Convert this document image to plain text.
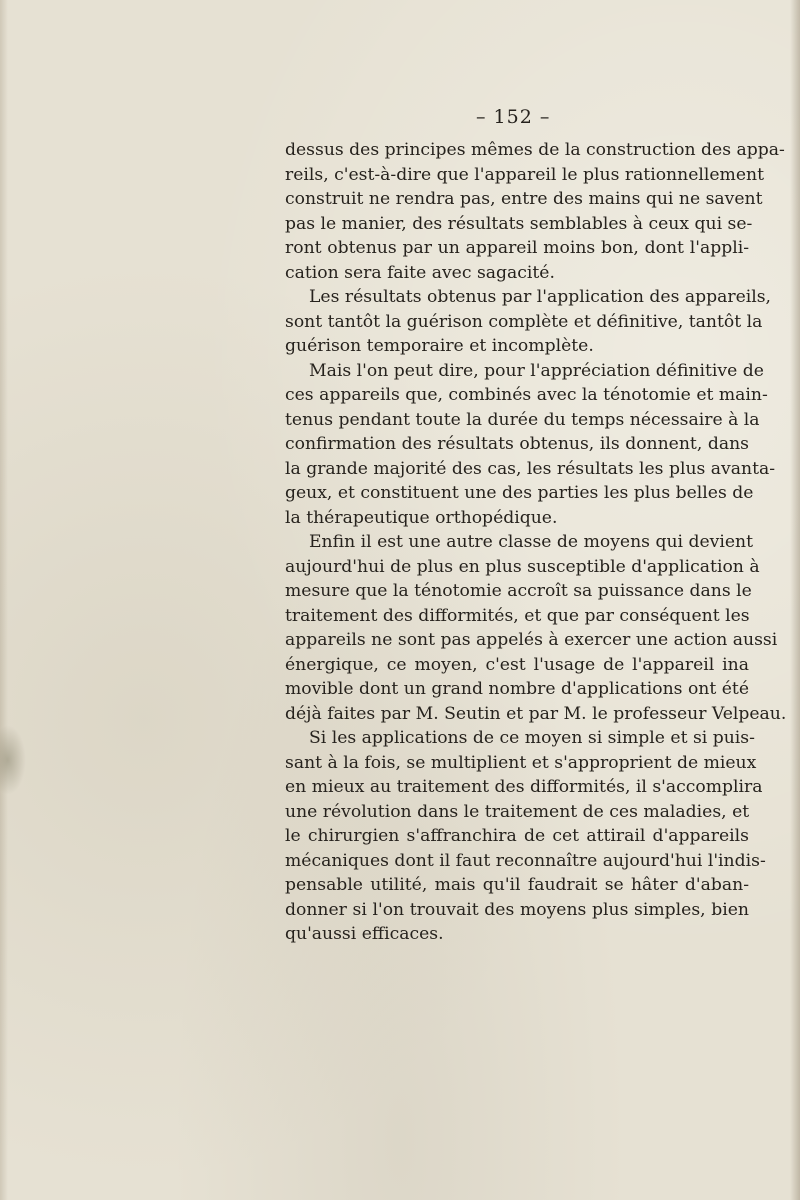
– 152 –
dessus des principes mêmes de la construction des appa-
reils, c'est-à-dire que l'appareil le plus rationnellement
construit ne rendra pas, entre des mains qui ne savent
pas le manier, des résultats semblables à ceux qui se-
ront obtenus par un appareil moins bon, dont l'appli-
cation sera faite avec sagacité.
Les résultats obtenus par l'application des appareils,
sont tantôt la guérison complète et définitive, tantôt la
guérison temporaire et incomplète.
Mais l'on peut dire, pour l'appréciation définitive de
ces appareils que, combinés avec la ténotomie et main-
tenus pendant toute la durée du temps nécessaire à la
confirmation des résultats obtenus, ils donnent, dans
la grande majorité des cas, les résultats les plus avanta-
geux, et constituent une des parties les plus belles de
la thérapeutique orthopédique.
Enfin il est une autre classe de moyens qui devient
aujourd'hui de plus en plus susceptible d'application à
mesure que la ténotomie accroît sa puissance dans le
traitement des difformités, et que par conséquent les
appareils ne sont pas appelés à exercer une action aussi
énergique, ce moyen, c'est l'usage de l'appareil ina
movible dont un grand nombre d'applications ont été
déjà faites par M. Seutin et par M. le professeur Velpeau.
Si les applications de ce moyen si simple et si puis-
sant à la fois, se multiplient et s'approprient de mieux
en mieux au traitement des difformités, il s'accomplira
une révolution dans le traitement de ces maladies, et
le chirurgien s'affranchira de cet attirail d'appareils
mécaniques dont il faut reconnaître aujourd'hui l'indis-
pensable utilité, mais qu'il faudrait se hâter d'aban-
donner si l'on trouvait des moyens plus simples, bien
qu'aussi efficaces.
